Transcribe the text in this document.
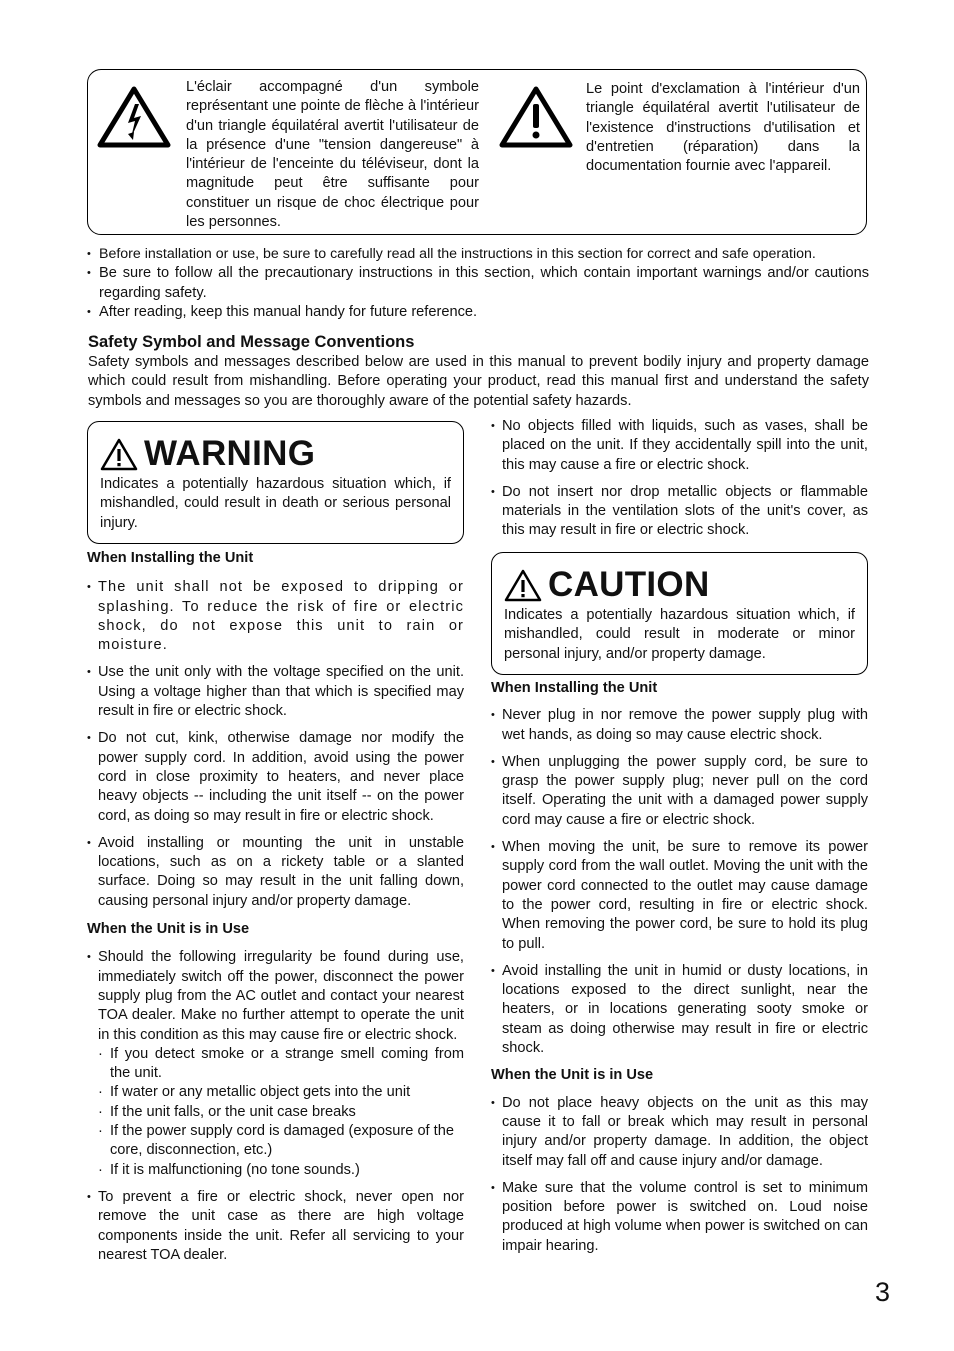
L'éclair accompagné d'un symbole représentant une pointe de flèche à l'intérieur d'un triangle équilatéral avertit l'utilisateur de la présence d'une "tension dangereuse" à l'intérieur de l'enceinte du téléviseur, dont la magnitude peut être suffisante pour constituer un risque de choc électrique pour les personnes.
Le point d'exclamation à l'intérieur d'un triangle équilatéral avertit l'utilisateur de l'existence d'instructions d'utilisation et d'entretien (réparation) dans la documentation fournie avec l'appareil.
• Before installation or use, be sure to carefully read all the instructions in this section for correct and safe operation.
• Be sure to follow all the precautionary instructions in this section, which contain important warnings and/or cautions regarding safety.
• After reading, keep this manual handy for future reference.
Safety Symbol and Message Conventions
Safety symbols and messages described below are used in this manual to prevent bodily injury and property damage which could result from mishandling. Before operating your product, read this manual first and understand the safety symbols and messages so you are thoroughly aware of the potential safety hazards.
WARNING
Indicates a potentially hazardous situation which, if mishandled, could result in death or serious personal injury.
When Installing the Unit
• The unit shall not be exposed to dripping or splashing. To reduce the risk of fire or electric shock, do not expose this unit to rain or moisture.
• Use the unit only with the voltage specified on the unit. Using a voltage higher than that which is specified may result in fire or electric shock.
• Do not cut, kink, otherwise damage nor modify the power supply cord. In addition, avoid using the power cord in close proximity to heaters, and never place heavy objects -- including the unit itself -- on the power cord, as doing so may result in fire or electric shock.
• Avoid installing or mounting the unit in unstable locations, such as on a rickety table or a slanted surface. Doing so may result in the unit falling down, causing personal injury and/or property damage.
When the Unit is in Use
• Should the following irregularity be found during use, immediately switch off the power, disconnect the power supply plug from the AC outlet and contact your nearest TOA dealer. Make no further attempt to operate the unit in this condition as this may cause fire or electric shock.
· If you detect smoke or a strange smell coming from the unit.
· If water or any metallic object gets into the unit
· If the unit falls, or the unit case breaks
· If the power supply cord is damaged (exposure of the core, disconnection, etc.)
· If it is malfunctioning (no tone sounds.)
• To prevent a fire or electric shock, never open nor remove the unit case as there are high voltage components inside the unit. Refer all servicing to your nearest TOA dealer.
• No objects filled with liquids, such as vases, shall be placed on the unit. If they accidentally spill into the unit, this may cause a fire or electric shock.
• Do not insert nor drop metallic objects or flammable materials in the ventilation slots of the unit's cover, as this may result in fire or electric shock.
CAUTION
Indicates a potentially hazardous situation which, if mishandled, could result in moderate or minor personal injury, and/or property damage.
When Installing the Unit
• Never plug in nor remove the power supply plug with wet hands, as doing so may cause electric shock.
• When unplugging the power supply cord, be sure to grasp the power supply plug; never pull on the cord itself. Operating the unit with a damaged power supply cord may cause a fire or electric shock.
• When moving the unit, be sure to remove its power supply cord from the wall outlet. Moving the unit with the power cord connected to the outlet may cause damage to the power cord, resulting in fire or electric shock. When removing the power cord, be sure to hold its plug to pull.
• Avoid installing the unit in humid or dusty locations, in locations exposed to the direct sunlight, near the heaters, or in locations generating sooty smoke or steam as doing otherwise may result in fire or electric shock.
When the Unit is in Use
• Do not place heavy objects on the unit as this may cause it to fall or break which may result in personal injury and/or property damage. In addition, the object itself may fall off and cause injury and/or damage.
• Make sure that the volume control is set to minimum position before power is switched on. Loud noise produced at high volume when power is switched on can impair hearing.
3
